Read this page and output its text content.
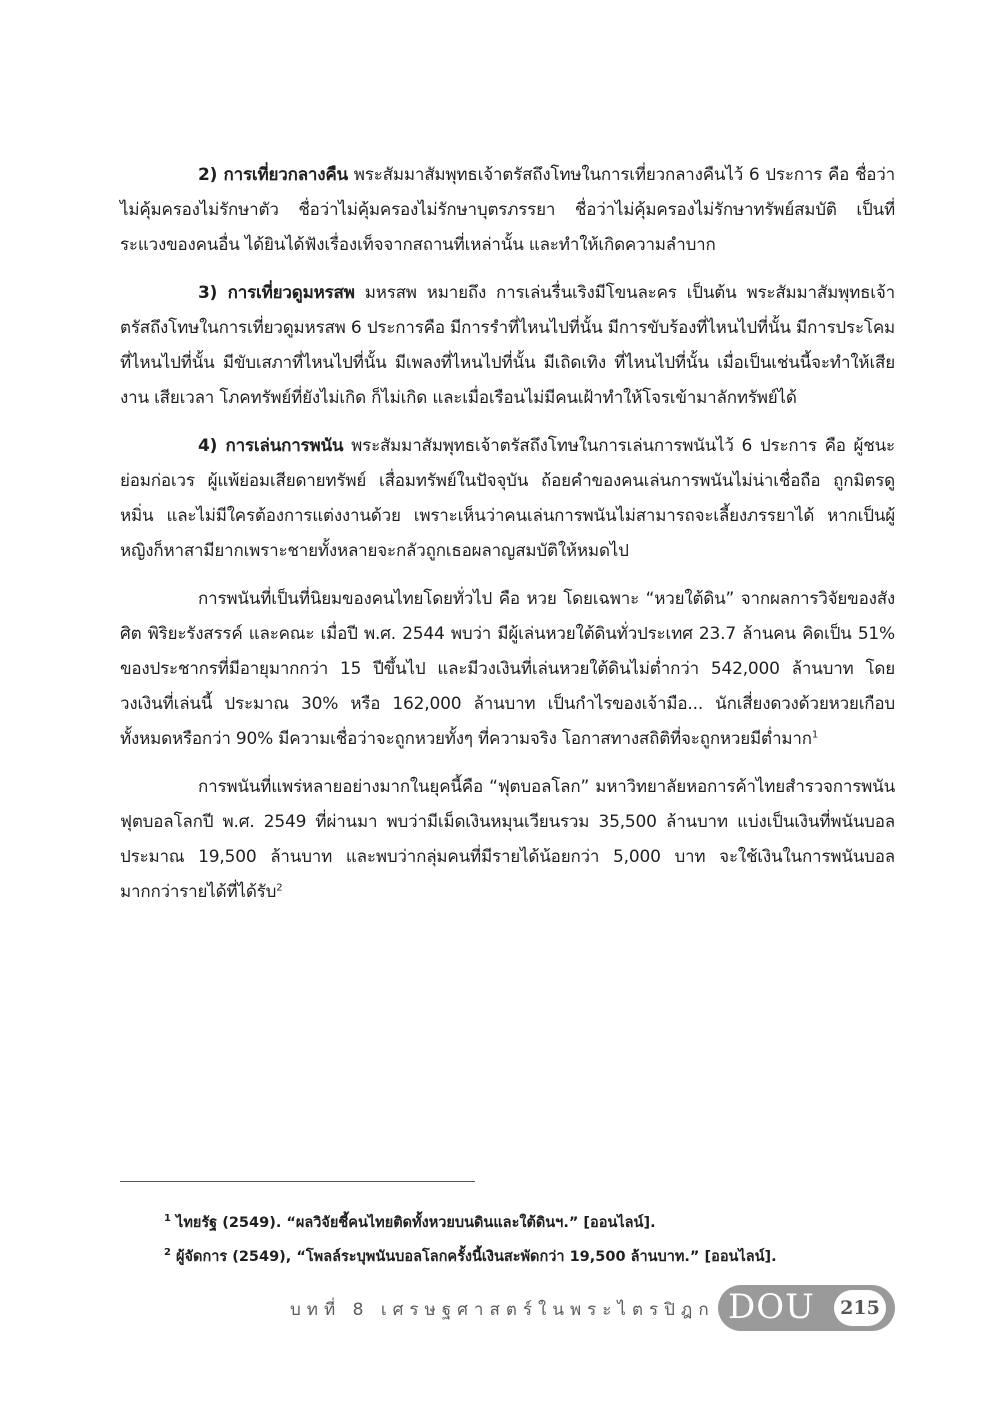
2) การเที่ยวกลางคืน พระสัมมาสัมพุทธเจ้าตรัสถึงโทษในการเที่ยวกลางคืนไว้ 6 ประการ คือ ชื่อว่าไม่คุ้มครองไม่รักษาตัว ชื่อว่าไม่คุ้มครองไม่รักษาบุตรภรรยา ชื่อว่าไม่คุ้มครองไม่รักษาทรัพย์สมบัติ เป็นที่ระแวงของคนอื่น ได้ยินได้ฟังเรื่องเท็จจากสถานที่เหล่านั้น และทำให้เกิดความลำบาก

3) การเที่ยวดูมหรสพ มหรสพ หมายถึง การเล่นรื่นเริงมีโขนละคร เป็นต้น พระสัมมาสัมพุทธเจ้าตรัสถึงโทษในการเที่ยวดูมหรสพ 6 ประการคือ มีการรำที่ไหนไปที่นั้น มีการขับร้องที่ไหนไปที่นั้น มีการประโคมที่ไหนไปที่นั้น มีขับเสภาที่ไหนไปที่นั้น มีเพลงที่ไหนไปที่นั้น มีเถิดเทิง ที่ไหนไปที่นั้น เมื่อเป็นเช่นนี้จะทำให้เสียงาน เสียเวลา โภคทรัพย์ที่ยังไม่เกิด ก็ไม่เกิด และเมื่อเรือนไม่มีคนเฝ้าทำให้โจรเข้ามาลักทรัพย์ได้

4) การเล่นการพนัน พระสัมมาสัมพุทธเจ้าตรัสถึงโทษในการเล่นการพนันไว้ 6 ประการ คือ ผู้ชนะย่อมก่อเวร ผู้แพ้ย่อมเสียดายทรัพย์ เสื่อมทรัพย์ในปัจจุบัน ถ้อยคำของคนเล่นการพนันไม่น่าเชื่อถือ ถูกมิตรดูหมิ่น และไม่มีใครต้องการแต่งงานด้วย เพราะเห็นว่าคนเล่นการพนันไม่สามารถจะเลี้ยงภรรยาได้ หากเป็นผู้หญิงก็หาสามียากเพราะชายทั้งหลายจะกลัวถูกเธอผลาญสมบัติให้หมดไป

การพนันที่เป็นที่นิยมของคนไทยโดยทั่วไป คือ หวย โดยเฉพาะ “หวยใต้ดิน” จากผลการวิจัยของสังศิต พิริยะรังสรรค์ และคณะ เมื่อปี พ.ศ. 2544 พบว่า มีผู้เล่นหวยใต้ดินทั่วประเทศ 23.7 ล้านคน คิดเป็น 51% ของประชากรที่มีอายุมากกว่า 15 ปีขึ้นไป และมีวงเงินที่เล่นหวยใต้ดินไม่ต่ำกว่า 542,000 ล้านบาท โดยวงเงินที่เล่นนี้ ประมาณ 30% หรือ 162,000 ล้านบาท เป็นกำไรของเจ้ามือ... นักเสี่ยงดวงด้วยหวยเกือบทั้งหมดหรือกว่า 90% มีความเชื่อว่าจะถูกหวยทั้งๆ ที่ความจริง โอกาสทางสถิติที่จะถูกหวยมีต่ำมาก$^1$

การพนันที่แพร่หลายอย่างมากในยุคนี้คือ “ฟุตบอลโลก” มหาวิทยาลัยหอการค้าไทยสำรวจการพนันฟุตบอลโลกปี พ.ศ. 2549 ที่ผ่านมา พบว่ามีเม็ดเงินหมุนเวียนรวม 35,500 ล้านบาท แบ่งเป็นเงินที่พนันบอลประมาณ 19,500 ล้านบาท และพบว่ากลุ่มคนที่มีรายได้น้อยกว่า 5,000 บาท จะใช้เงินในการพนันบอลมากกว่ารายได้ที่ได้รับ$^2$

$^1$ ไทยรัฐ (2549). “ผลวิจัยชี้คนไทยติดทั้งหวยบนดินและใต้ดินฯ.” [ออนไลน์].
$^2$ ผู้จัดการ (2549), “โพลล์ระบุพนันบอลโลกครั้งนี้เงินสะพัดกว่า 19,500 ล้านบาท.” [ออนไลน์].
บทที่ 8 เศรษฐศาสตร์ในพระไตรปิฎก DOU	215
